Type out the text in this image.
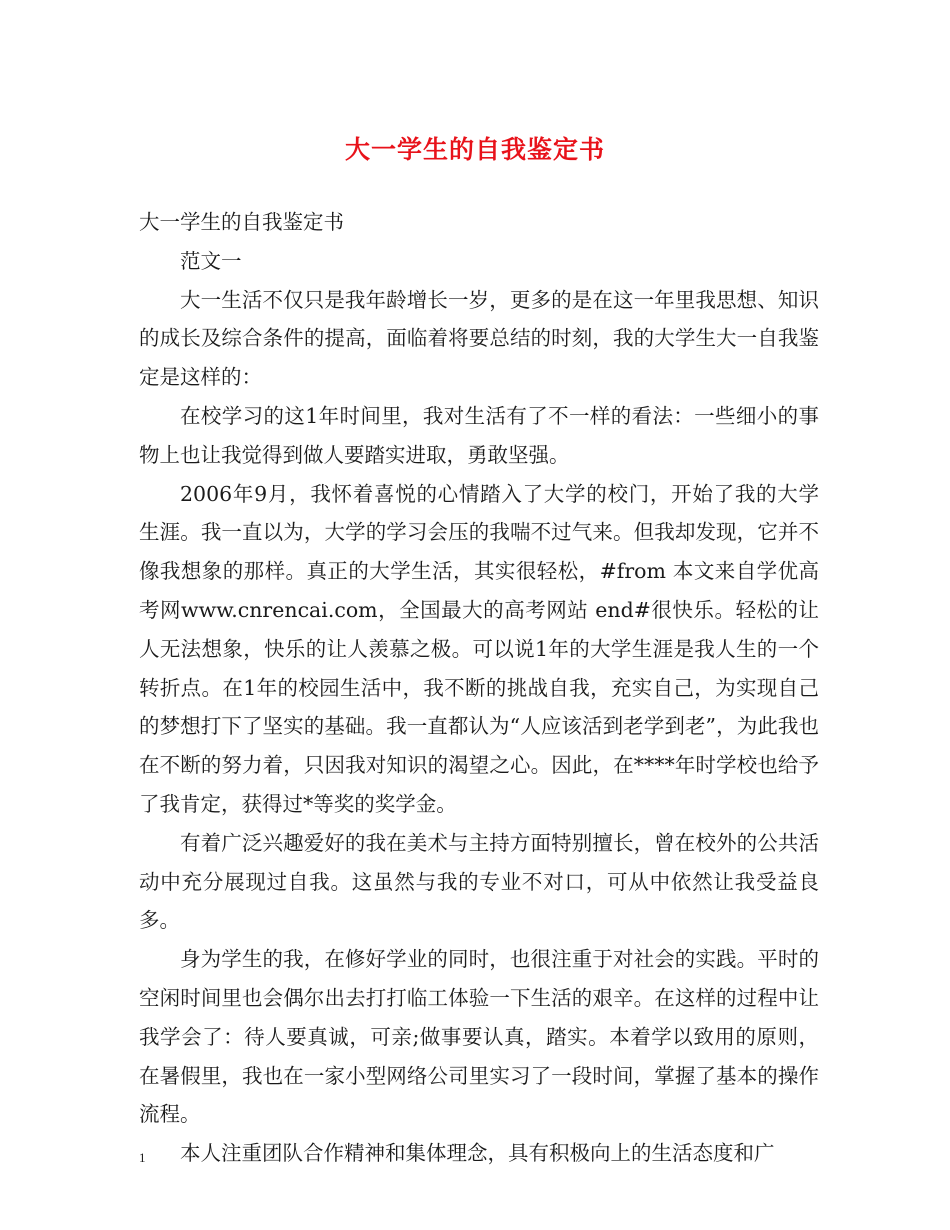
大一学生的自我鉴定书

大一学生的自我鉴定书

范文一

大一生活不仅只是我年龄增长一岁，更多的是在这一年里我思想、知识的成长及综合条件的提高，面临着将要总结的时刻，我的大学生大一自我鉴定是这样的：

在校学习的这1年时间里，我对生活有了不一样的看法：一些细小的事物上也让我觉得到做人要踏实进取，勇敢坚强。

2006年9月，我怀着喜悦的心情踏入了大学的校门，开始了我的大学生涯。我一直以为，大学的学习会压的我喘不过气来。但我却发现，它并不像我想象的那样。真正的大学生活，其实很轻松，#from 本文来自学优高考网www.cnrencai.com，全国最大的高考网站 end#很快乐。轻松的让人无法想象，快乐的让人羡慕之极。可以说1年的大学生涯是我人生的一个转折点。在1年的校园生活中，我不断的挑战自我，充实自己，为实现自己的梦想打下了坚实的基础。我一直都认为“人应该活到老学到老”，为此我也在不断的努力着，只因我对知识的渴望之心。因此，在****年时学校也给予了我肯定，获得过*等奖的奖学金。

有着广泛兴趣爱好的我在美术与主持方面特别擅长，曾在校外的公共活动中充分展现过自我。这虽然与我的专业不对口，可从中依然让我受益良多。

身为学生的我，在修好学业的同时，也很注重于对社会的实践。平时的空闲时间里也会偶尔出去打打临工体验一下生活的艰辛。在这样的过程中让我学会了：待人要真诚，可亲;做事要认真，踏实。本着学以致用的原则，在暑假里，我也在一家小型网络公司里实习了一段时间，掌握了基本的操作流程。

本人注重团队合作精神和集体理念，具有积极向上的生活态度和广

1
